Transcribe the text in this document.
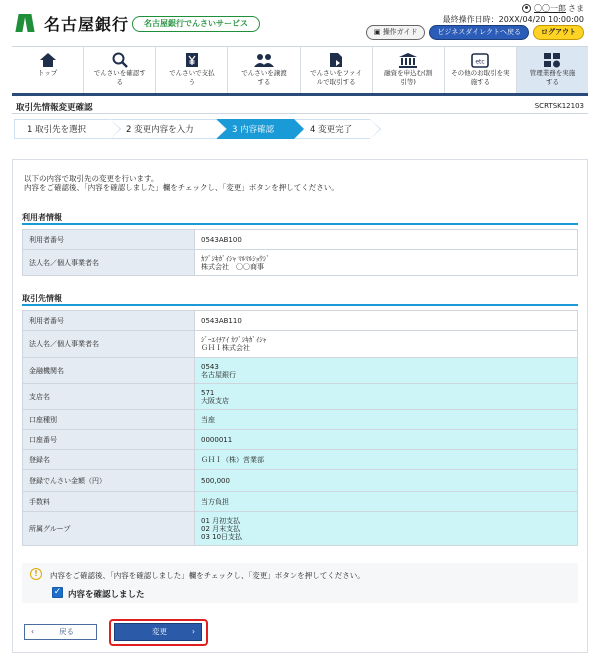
名古屋銀行	名古屋銀行でんさいサービス
〇〇一郎 さま
最終操作日時：20XX/04/20 10:00:00
▣ 操作ガイド	ビジネスダイレクトへ戻る	ログアウト
トップ	でんさいを確認する
でんさいで支払う
でんさいを譲渡する
でんさいをファイルで取引する
融資を申込む(割引等)
etc
その他のお取引を実施する
管理業務を実施する
取引先情報変更確認	SCRTSK12103
1 取引先を選択	2 変更内容を入力	3 内容確認	4 変更完了
以下の内容で取引先の変更を行います。
内容をご確認後、「内容を確認しました」欄をチェックし、「変更」ボタンを押してください。
利用者情報
利用者番号	0543AB100
法人名／個人事業者名	ｶﾌﾞｼｷｶﾞｲｼｬ ﾏﾙﾏﾙｼｮｳｼﾞ
株式会社　〇〇商事
取引先情報
利用者番号	0543AB110
法人名／個人事業者名	ｼﾞｰｴｲﾁｱｲ ｶﾌﾞｼｷｶﾞｲｼｬ
ＧＨＩ株式会社

金融機関名	0543
名古屋銀行

支店名	571
大阪支店

口座種別	当座
口座番号	0000011
登録名	ＧＨＩ（株）営業部
登録でんさい金額（円）	500,000
手数料	当方負担
所属グループ	01 月初支払
02 月末支払
03 10日支払
!	内容をご確認後、「内容を確認しました」欄をチェックし、「変更」ボタンを押してください。
✓ 内容を確認しました
‹	戻る	変更	›
